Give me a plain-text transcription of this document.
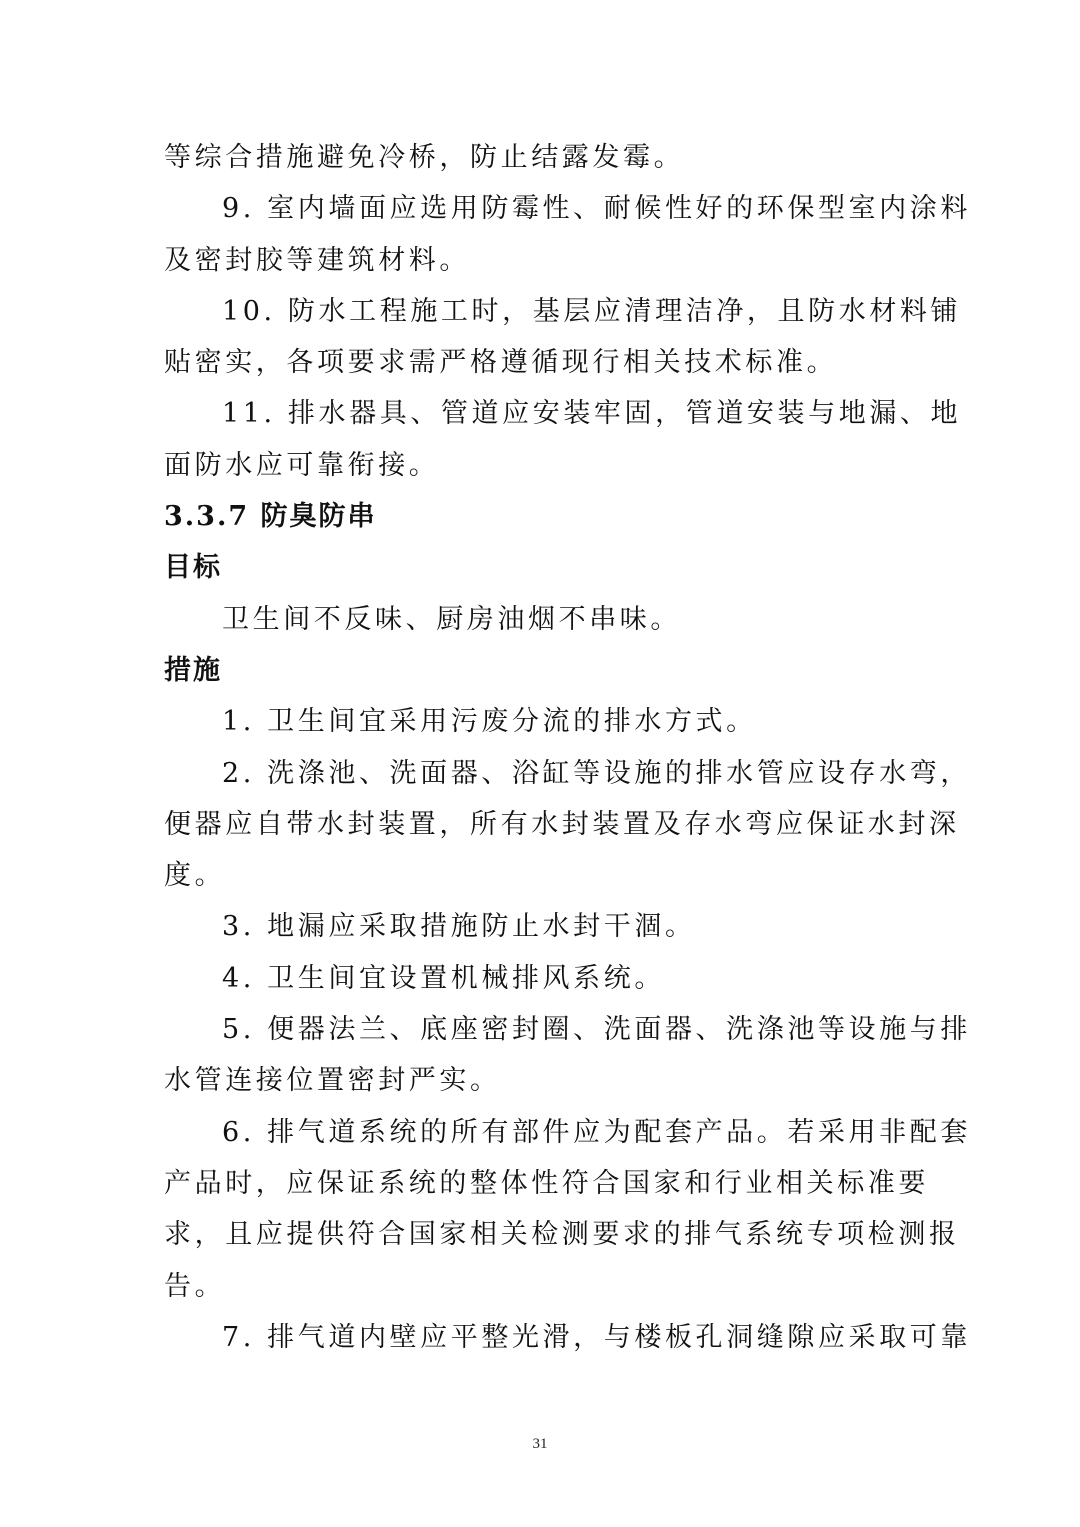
等综合措施避免冷桥，防止结露发霉。
9. 室内墙面应选用防霉性、耐候性好的环保型室内涂料
及密封胶等建筑材料。
10. 防水工程施工时，基层应清理洁净，且防水材料铺
贴密实，各项要求需严格遵循现行相关技术标准。
11. 排水器具、管道应安装牢固，管道安装与地漏、地
面防水应可靠衔接。
3.3.7 防臭防串
目标
卫生间不反味、厨房油烟不串味。
措施
1. 卫生间宜采用污废分流的排水方式。
2. 洗涤池、洗面器、浴缸等设施的排水管应设存水弯，
便器应自带水封装置，所有水封装置及存水弯应保证水封深
度。
3. 地漏应采取措施防止水封干涸。
4. 卫生间宜设置机械排风系统。
5. 便器法兰、底座密封圈、洗面器、洗涤池等设施与排
水管连接位置密封严实。
6. 排气道系统的所有部件应为配套产品。若采用非配套
产品时，应保证系统的整体性符合国家和行业相关标准要
求，且应提供符合国家相关检测要求的排气系统专项检测报
告。
7. 排气道内壁应平整光滑，与楼板孔洞缝隙应采取可靠
31
